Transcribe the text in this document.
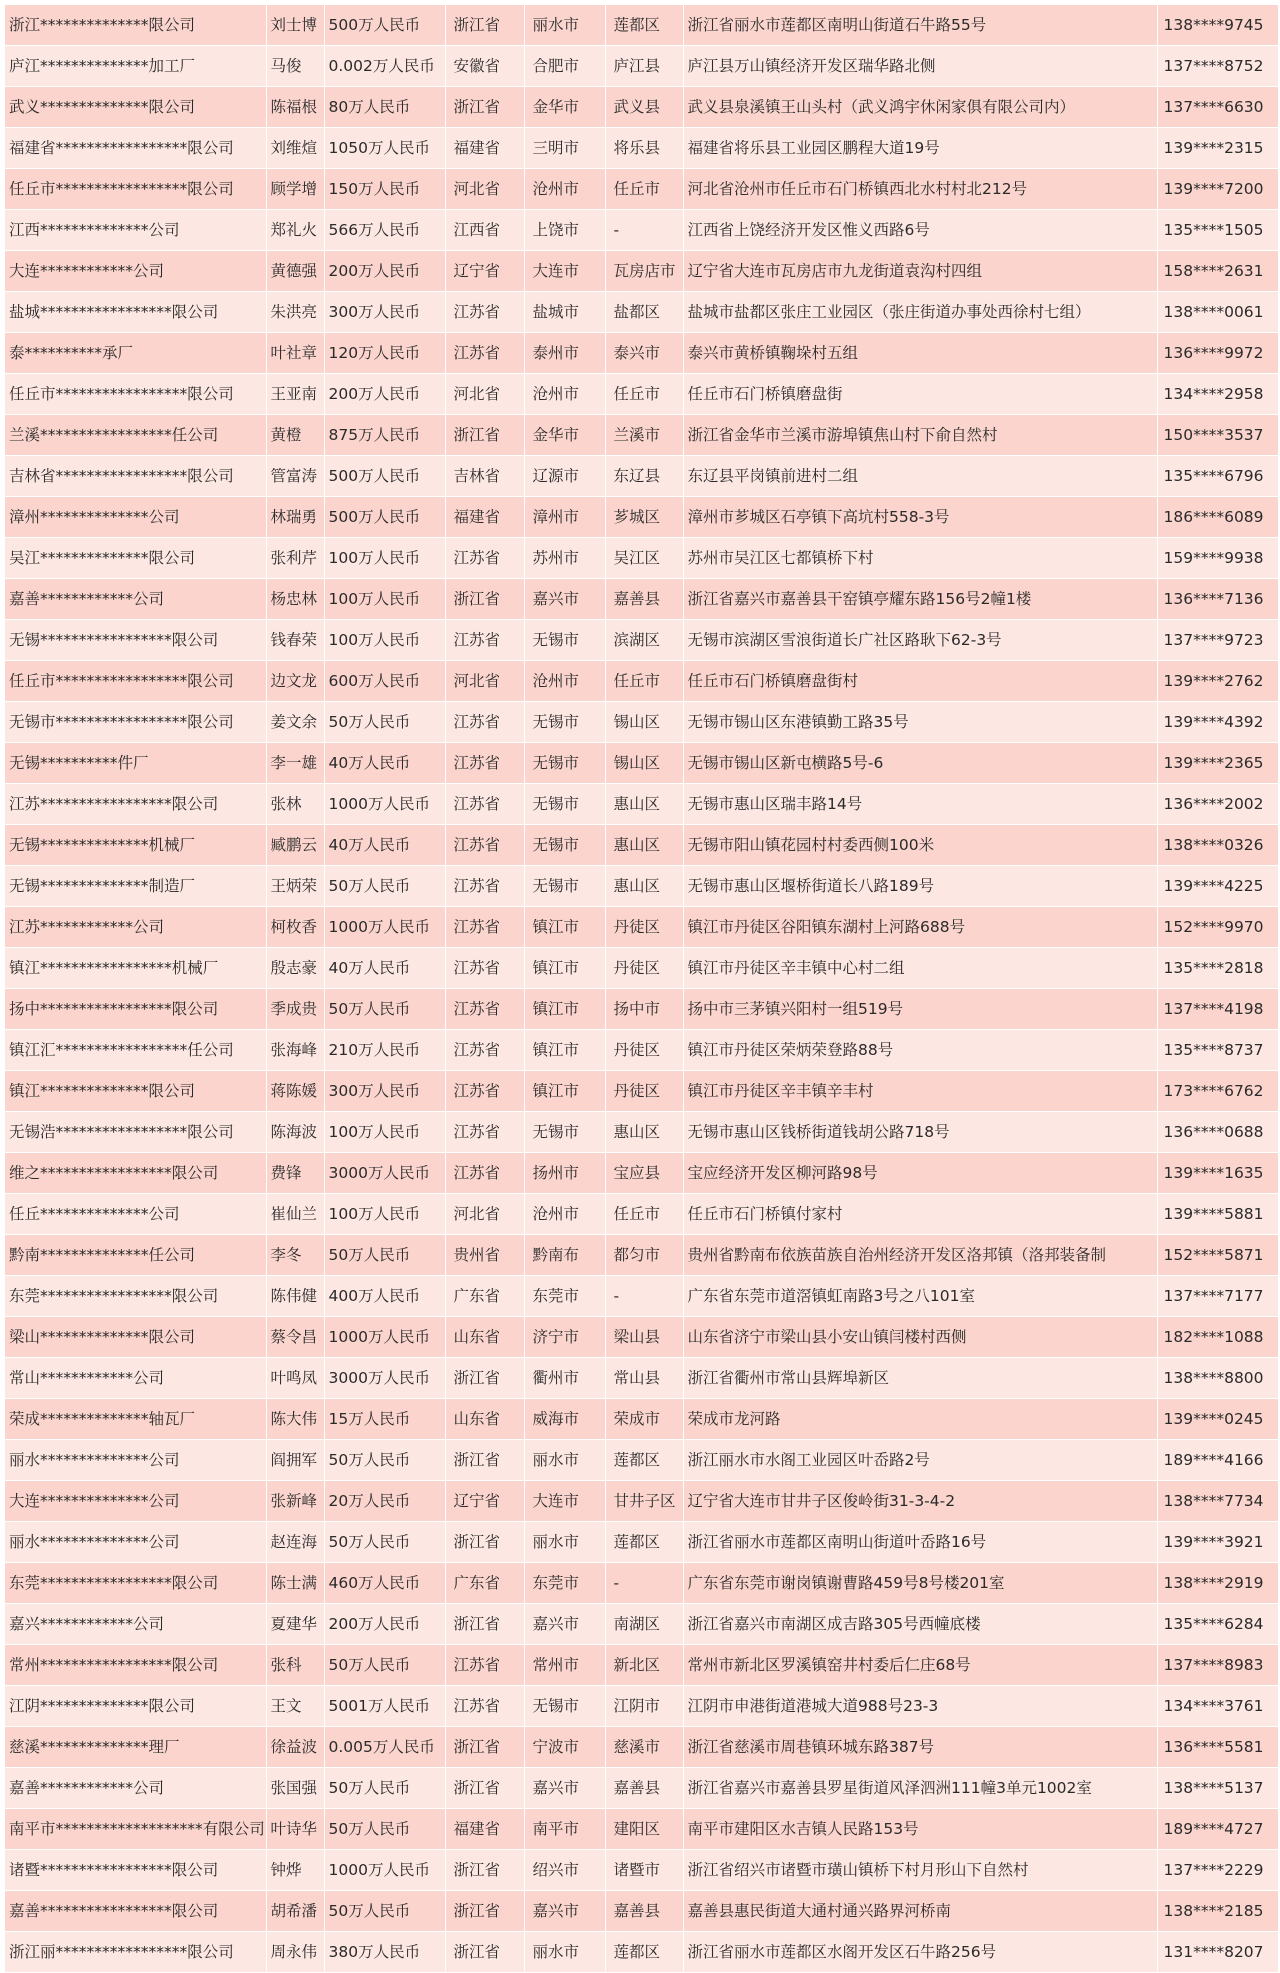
浙江**************限公司	刘士博	500万人民币	浙江省	丽水市	莲都区	浙江省丽水市莲都区南明山街道石牛路55号	138****9745
庐江**************加工厂	马俊	0.002万人民币	安徽省	合肥市	庐江县	庐江县万山镇经济开发区瑞华路北侧	137****8752
武义**************限公司	陈福根	80万人民币	浙江省	金华市	武义县	武义县泉溪镇王山头村（武义鸿宇休闲家俱有限公司内）	137****6630
福建省*****************限公司	刘维煊	1050万人民币	福建省	三明市	将乐县	福建省将乐县工业园区鹏程大道19号	139****2315
任丘市*****************限公司	顾学增	150万人民币	河北省	沧州市	任丘市	河北省沧州市任丘市石门桥镇西北水村村北212号	139****7200
江西**************公司	郑礼火	566万人民币	江西省	上饶市	-	江西省上饶经济开发区惟义西路6号	135****1505
大连************公司	黄德强	200万人民币	辽宁省	大连市	瓦房店市	辽宁省大连市瓦房店市九龙街道袁沟村四组	158****2631
盐城*****************限公司	朱洪亮	300万人民币	江苏省	盐城市	盐都区	盐城市盐都区张庄工业园区（张庄街道办事处西徐村七组）	138****0061
泰**********承厂	叶社章	120万人民币	江苏省	泰州市	泰兴市	泰兴市黄桥镇鞠垛村五组	136****9972
任丘市*****************限公司	王亚南	200万人民币	河北省	沧州市	任丘市	任丘市石门桥镇磨盘街	134****2958
兰溪*****************任公司	黄橙	875万人民币	浙江省	金华市	兰溪市	浙江省金华市兰溪市游埠镇焦山村下俞自然村	150****3537
吉林省*****************限公司	管富涛	500万人民币	吉林省	辽源市	东辽县	东辽县平岗镇前进村二组	135****6796
漳州**************公司	林瑞勇	500万人民币	福建省	漳州市	芗城区	漳州市芗城区石亭镇下高坑村558-3号	186****6089
吴江**************限公司	张利芹	100万人民币	江苏省	苏州市	吴江区	苏州市吴江区七都镇桥下村	159****9938
嘉善************公司	杨忠林	100万人民币	浙江省	嘉兴市	嘉善县	浙江省嘉兴市嘉善县干窑镇亭耀东路156号2幢1楼	136****7136
无锡*****************限公司	钱春荣	100万人民币	江苏省	无锡市	滨湖区	无锡市滨湖区雪浪街道长广社区路耿下62-3号	137****9723
任丘市*****************限公司	边文龙	600万人民币	河北省	沧州市	任丘市	任丘市石门桥镇磨盘街村	139****2762
无锡市*****************限公司	姜文余	50万人民币	江苏省	无锡市	锡山区	无锡市锡山区东港镇勤工路35号	139****4392
无锡**********件厂	李一雄	40万人民币	江苏省	无锡市	锡山区	无锡市锡山区新屯横路5号-6	139****2365
江苏*****************限公司	张林	1000万人民币	江苏省	无锡市	惠山区	无锡市惠山区瑞丰路14号	136****2002
无锡**************机械厂	臧鹏云	40万人民币	江苏省	无锡市	惠山区	无锡市阳山镇花园村村委西侧100米	138****0326
无锡**************制造厂	王炳荣	50万人民币	江苏省	无锡市	惠山区	无锡市惠山区堰桥街道长八路189号	139****4225
江苏************公司	柯枚香	1000万人民币	江苏省	镇江市	丹徒区	镇江市丹徒区谷阳镇东湖村上河路688号	152****9970
镇江*****************机械厂	殷志豪	40万人民币	江苏省	镇江市	丹徒区	镇江市丹徒区辛丰镇中心村二组	135****2818
扬中*****************限公司	季成贵	50万人民币	江苏省	镇江市	扬中市	扬中市三茅镇兴阳村一组519号	137****4198
镇江汇*****************任公司	张海峰	210万人民币	江苏省	镇江市	丹徒区	镇江市丹徒区荣炳荣登路88号	135****8737
镇江**************限公司	蒋陈媛	300万人民币	江苏省	镇江市	丹徒区	镇江市丹徒区辛丰镇辛丰村	173****6762
无锡浩*****************限公司	陈海波	100万人民币	江苏省	无锡市	惠山区	无锡市惠山区钱桥街道钱胡公路718号	136****0688
维之*****************限公司	费锋	3000万人民币	江苏省	扬州市	宝应县	宝应经济开发区柳河路98号	139****1635
任丘**************公司	崔仙兰	100万人民币	河北省	沧州市	任丘市	任丘市石门桥镇付家村	139****5881
黔南**************任公司	李冬	50万人民币	贵州省	黔南布	都匀市	贵州省黔南布依族苗族自治州经济开发区洛邦镇（洛邦装备制	152****5871
东莞*****************限公司	陈伟健	400万人民币	广东省	东莞市	-	广东省东莞市道滘镇虹南路3号之八101室	137****7177
梁山**************限公司	蔡令昌	1000万人民币	山东省	济宁市	梁山县	山东省济宁市梁山县小安山镇闫楼村西侧	182****1088
常山************公司	叶鸣凤	3000万人民币	浙江省	衢州市	常山县	浙江省衢州市常山县辉埠新区	138****8800
荣成**************轴瓦厂	陈大伟	15万人民币	山东省	威海市	荣成市	荣成市龙河路	139****0245
丽水**************公司	阎拥军	50万人民币	浙江省	丽水市	莲都区	浙江丽水市水阁工业园区叶岙路2号	189****4166
大连**************公司	张新峰	20万人民币	辽宁省	大连市	甘井子区	辽宁省大连市甘井子区俊岭街31-3-4-2	138****7734
丽水**************公司	赵连海	50万人民币	浙江省	丽水市	莲都区	浙江省丽水市莲都区南明山街道叶岙路16号	139****3921
东莞*****************限公司	陈士满	460万人民币	广东省	东莞市	-	广东省东莞市谢岗镇谢曹路459号8号楼201室	138****2919
嘉兴************公司	夏建华	200万人民币	浙江省	嘉兴市	南湖区	浙江省嘉兴市南湖区成吉路305号西幢底楼	135****6284
常州*****************限公司	张科	50万人民币	江苏省	常州市	新北区	常州市新北区罗溪镇窑井村委后仁庄68号	137****8983
江阴**************限公司	王文	5001万人民币	江苏省	无锡市	江阴市	江阴市申港街道港城大道988号23-3	134****3761
慈溪**************理厂	徐益波	0.005万人民币	浙江省	宁波市	慈溪市	浙江省慈溪市周巷镇环城东路387号	136****5581
嘉善************公司	张国强	50万人民币	浙江省	嘉兴市	嘉善县	浙江省嘉兴市嘉善县罗星街道风泽泗洲111幢3单元1002室	138****5137
南平市*******************有限公司	叶诗华	50万人民币	福建省	南平市	建阳区	南平市建阳区水吉镇人民路153号	189****4727
诸暨*****************限公司	钟烨	1000万人民币	浙江省	绍兴市	诸暨市	浙江省绍兴市诸暨市璜山镇桥下村月形山下自然村	137****2229
嘉善*****************限公司	胡希潘	50万人民币	浙江省	嘉兴市	嘉善县	嘉善县惠民街道大通村通兴路界河桥南	138****2185
浙江丽*****************限公司	周永伟	380万人民币	浙江省	丽水市	莲都区	浙江省丽水市莲都区水阁开发区石牛路256号	131****8207
